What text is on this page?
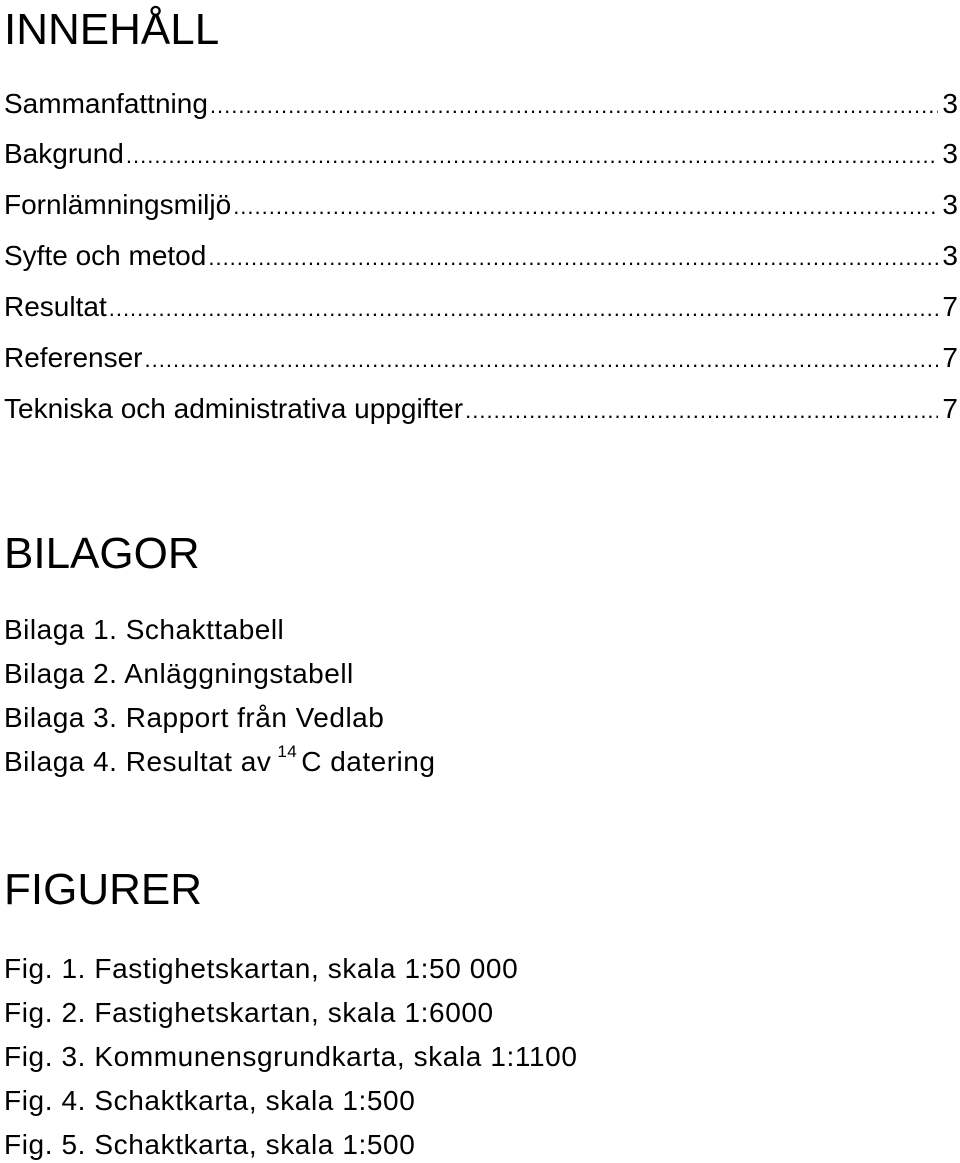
INNEHÅLL
Sammanfattning .....	3
Bakgrund .....	3
Fornlämningsmiljö .....	3
Syfte och metod .....	3
Resultat .....	7
Referenser .....	7
Tekniska och administrativa uppgifter .....	7
BILAGOR
Bilaga 1. Schakttabell
Bilaga 2. Anläggningstabell
Bilaga 3. Rapport från Vedlab
Bilaga 4. Resultat av $^{14}$ C datering
FIGURER
Fig. 1. Fastighetskartan, skala 1:50 000
Fig. 2. Fastighetskartan, skala 1:6000
Fig. 3. Kommunensgrundkarta, skala 1:1100
Fig. 4. Schaktkarta, skala 1:500
Fig. 5. Schaktkarta, skala 1:500
